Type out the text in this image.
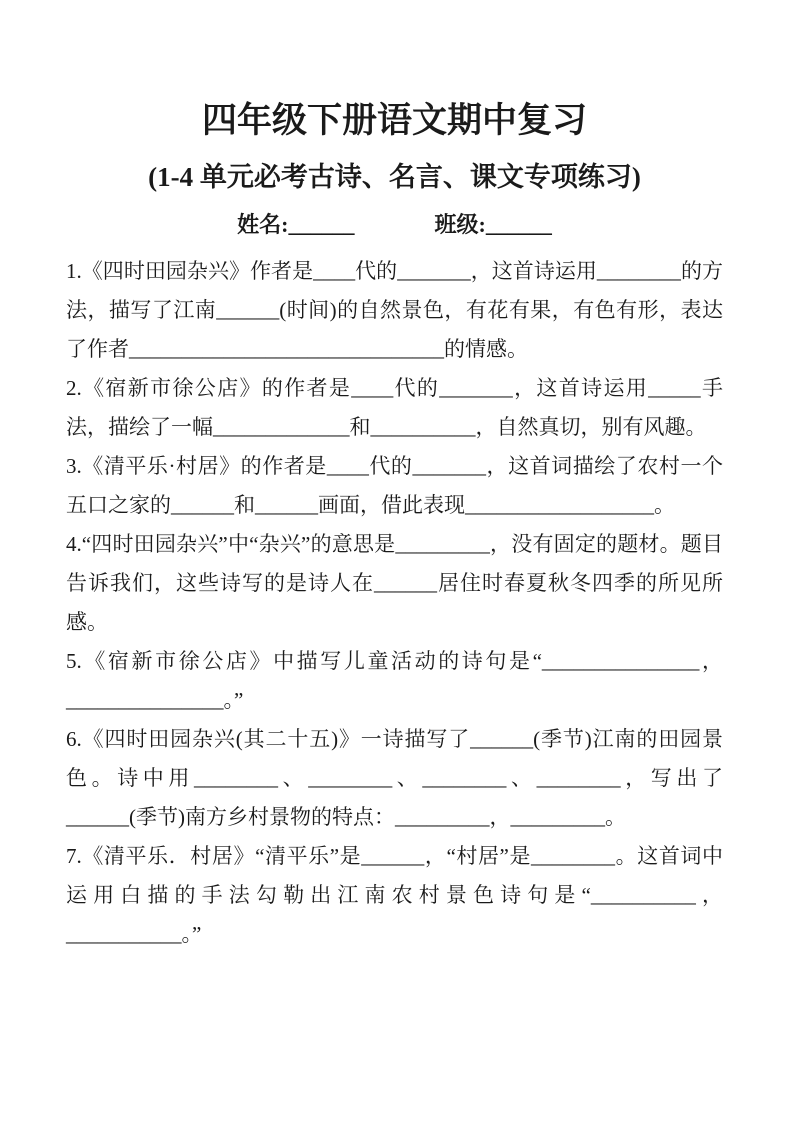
四年级下册语文期中复习
(1-4 单元必考古诗、名言、课文专项练习)
姓名:______	班级:______

1.《四时田园杂兴》作者是____代的_______，这首诗运用________的方法，描写了江南______(时间)的自然景色，有花有果，有色有形，表达了作者______________________________的情感。

2.《宿新市徐公店》的作者是____代的_______，这首诗运用_____手法，描绘了一幅_____________和__________，自然真切，别有风趣。

3.《清平乐·村居》的作者是____代的_______，这首词描绘了农村一个五口之家的______和______画面，借此表现__________________。

4.“四时田园杂兴”中“杂兴”的意思是_________，没有固定的题材。题目告诉我们，这些诗写的是诗人在______居住时春夏秋冬四季的所见所感。

5.《宿新市徐公店》中描写儿童活动的诗句是“_______________，_______________。”

6.《四时田园杂兴(其二十五)》一诗描写了______(季节)江南的田园景色。诗中用________、________、________、________，写出了______(季节)南方乡村景物的特点：_________，_________。

7.《清平乐．村居》“清平乐”是______，“村居”是________。这首词中运用白描的手法勾勒出江南农村景色诗句是“__________，___________。”
